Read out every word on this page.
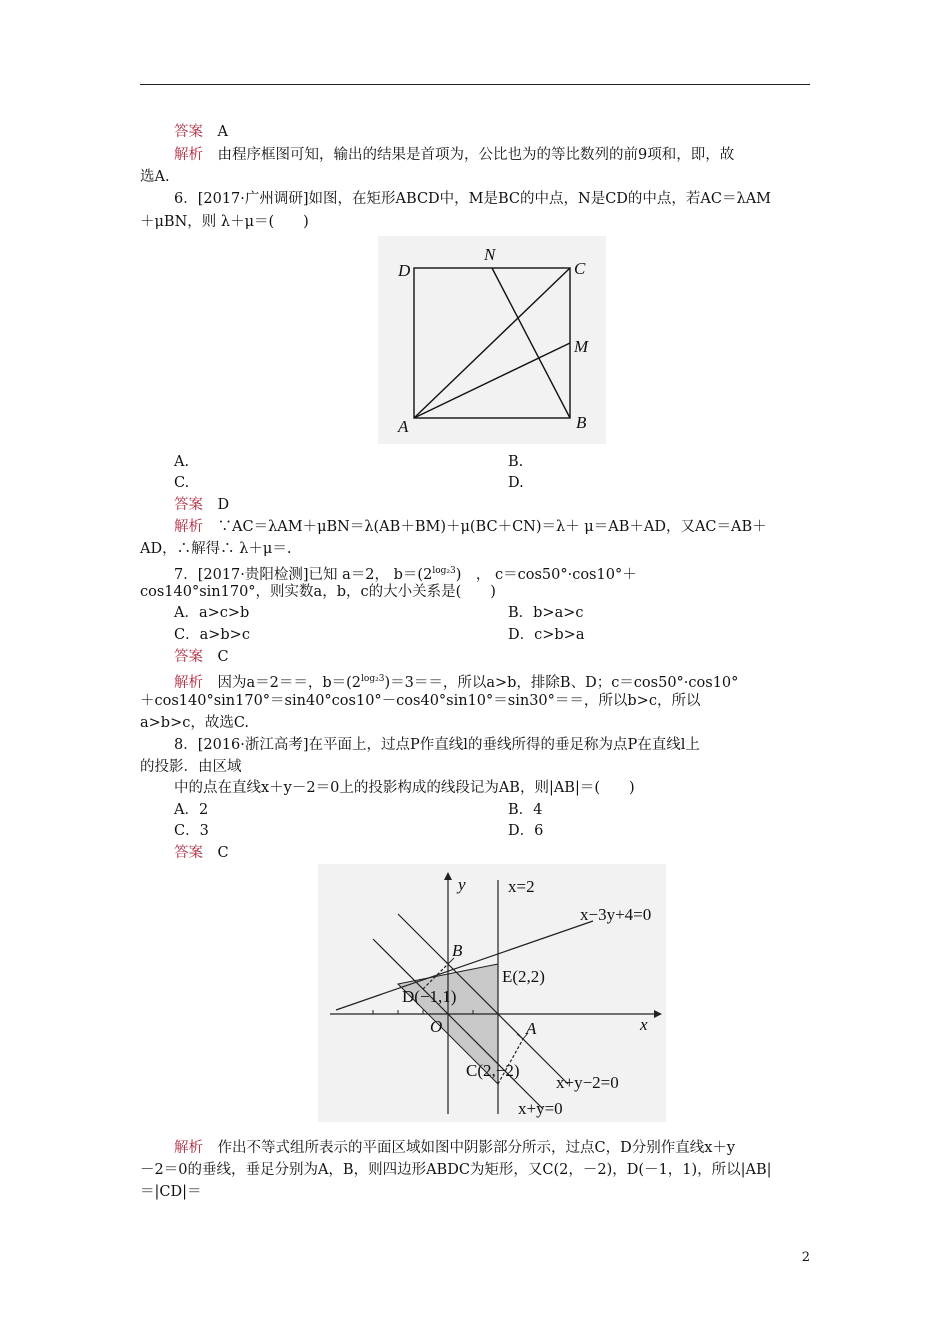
答案　 A
解析　 由程序框图可知，输出的结果是首项为，公比也为的等比数列的前9项和，即，故
选A.
6．[2017·广州调研]如图，在矩形ABCD中，M是BC的中点，N是CD的中点，若AC＝λAM
＋μBN，则 λ＋μ＝(　　)
D	C
N
M
A	B
A.	B.
C.	D.
答案　 D
解析　 ∵AC＝λAM＋μBN＝λ(AB＋BM)＋μ(BC＋CN)＝λ＋ μ＝AB＋AD，又AC＝AB＋
AD，∴解得∴ λ＋μ＝.
7．[2017·贵阳检测]已知 a＝2， $b=(2^{log_23})$　， c＝cos50°·cos10°＋
cos140°sin170°，则实数a，b，c的大小关系是(　　)
A．a>c>b	B．b>a>c
C．a>b>c	D．c>b>a
答案　 C
解析　 因为a＝2＝＝，$b=(2^{log_23})=3==$，所以a>b，排除B、D；c＝cos50°·cos10°
＋cos140°sin170°＝sin40°cos10°－cos40°sin10°＝sin30°＝＝，所以b>c，所以
a>b>c，故选C.
8．[2016·浙江高考]在平面上，过点P作直线l的垂线所得的垂足称为点P在直线l上
的投影．由区域
中的点在直线x＋y－2＝0上的投影构成的线段记为AB，则|AB|＝(　　)
A．2	B．4
C．3	D．6
答案　 C
y
x
O
x=2
x−3y+4=0
B
E(2,2)
D(−1,1)
A
C(2,−2)
x+y−2=0
x+y=0
解析　 作出不等式组所表示的平面区域如图中阴影部分所示，过点C，D分别作直线x＋y
－2＝0的垂线，垂足分别为A，B，则四边形ABDC为矩形，又C(2，－2)，D(－1，1)，所以|AB|
＝|CD|＝
2
